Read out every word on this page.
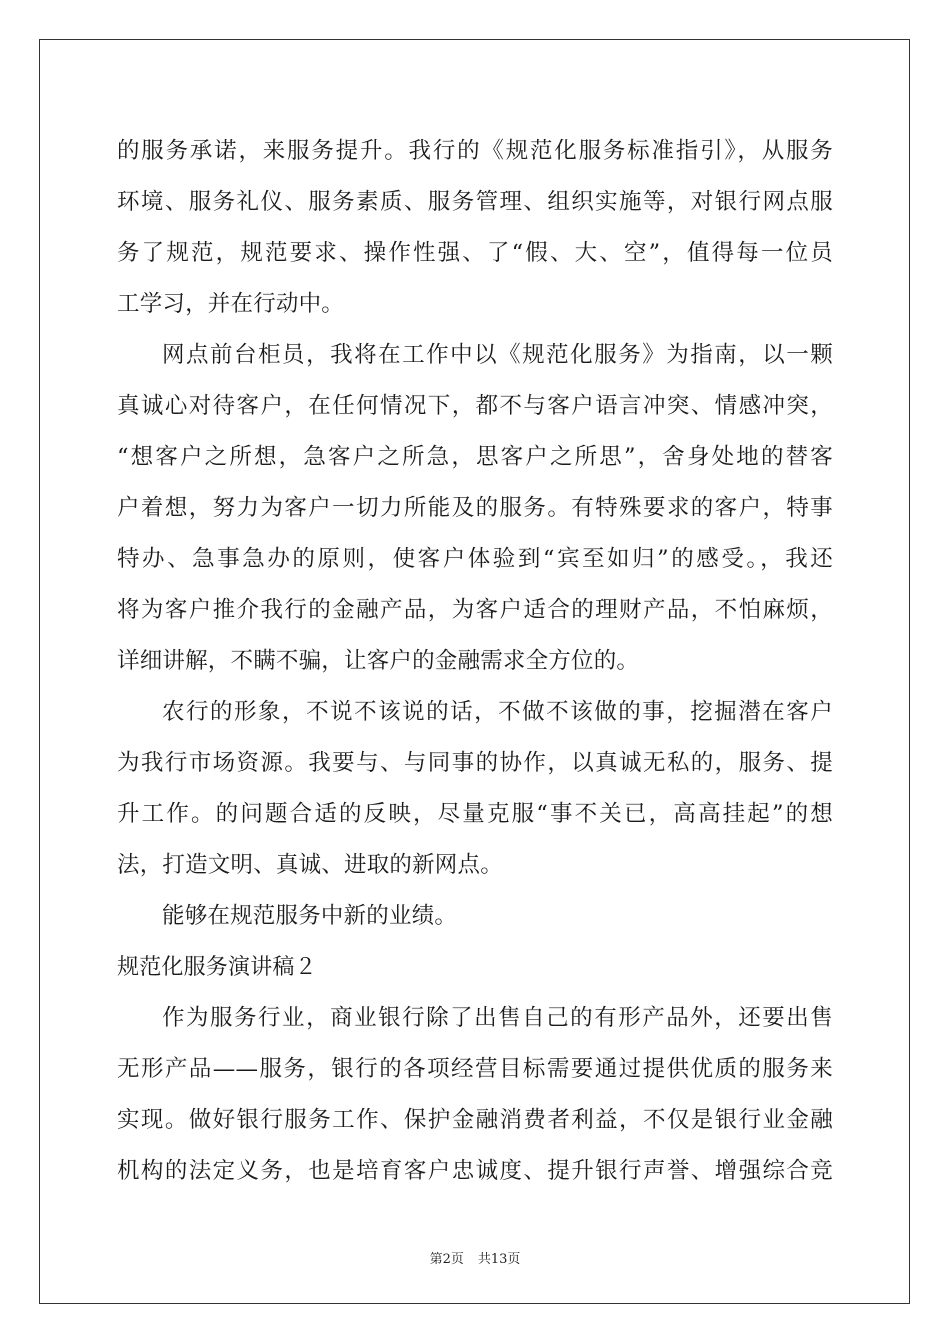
的服务承诺，来服务提升。我行的《规范化服务标准指引》，从服务
环境、服务礼仪、服务素质、服务管理、组织实施等，对银行网点服
务了规范，规范要求、操作性强、了“假、大、空”，值得每一位员
工学习，并在行动中。
网点前台柜员，我将在工作中以《规范化服务》为指南，以一颗
真诚心对待客户，在任何情况下，都不与客户语言冲突、情感冲突，
“想客户之所想，急客户之所急，思客户之所思”，舍身处地的替客
户着想，努力为客户一切力所能及的服务。有特殊要求的客户，特事
特办、急事急办的原则，使客户体验到“宾至如归”的感受。，我还
将为客户推介我行的金融产品，为客户适合的理财产品，不怕麻烦，
详细讲解，不瞒不骗，让客户的金融需求全方位的。
农行的形象，不说不该说的话，不做不该做的事，挖掘潜在客户
为我行市场资源。我要与、与同事的协作，以真诚无私的，服务、提
升工作。的问题合适的反映，尽量克服“事不关已，高高挂起”的想
法，打造文明、真诚、进取的新网点。
能够在规范服务中新的业绩。
规范化服务演讲稿２
作为服务行业，商业银行除了出售自己的有形产品外，还要出售
无形产品——服务，银行的各项经营目标需要通过提供优质的服务来
实现。做好银行服务工作、保护金融消费者利益，不仅是银行业金融
机构的法定义务，也是培育客户忠诚度、提升银行声誉、增强综合竞
第2页 共13页
